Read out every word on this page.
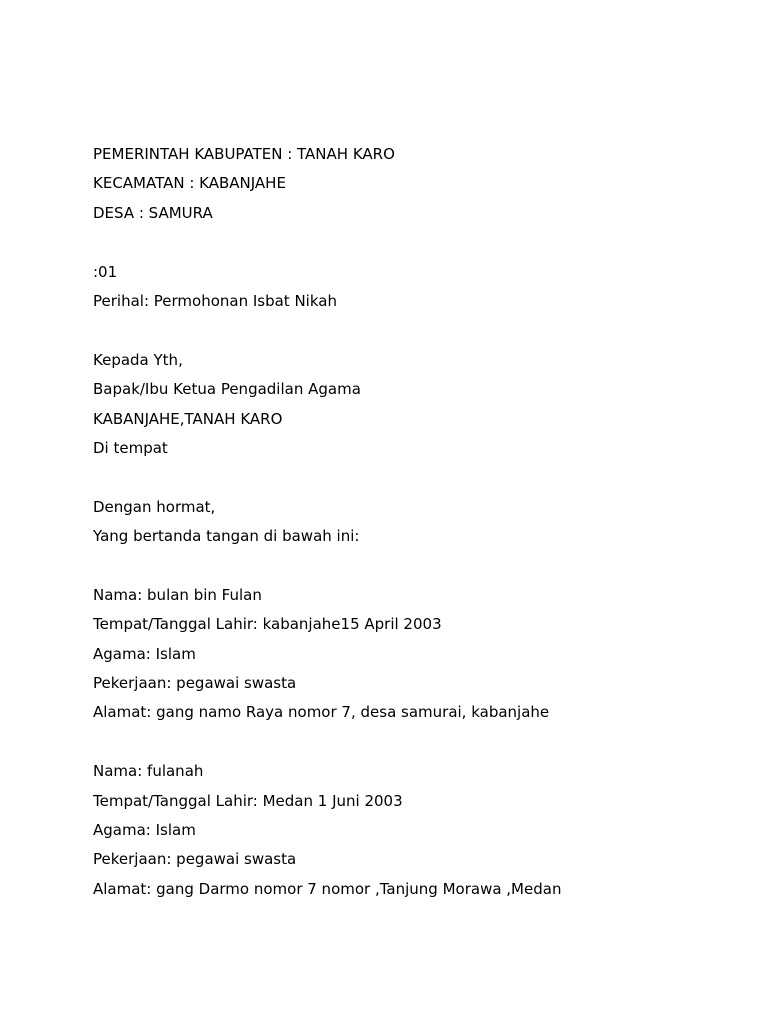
PEMERINTAH KABUPATEN : TANAH KARO
KECAMATAN : KABANJAHE
DESA : SAMURA
:01
Perihal: Permohonan Isbat Nikah
Kepada Yth,
Bapak/Ibu Ketua Pengadilan Agama
KABANJAHE,TANAH KARO
Di tempat
Dengan hormat,
Yang bertanda tangan di bawah ini:
Nama: bulan bin Fulan
Tempat/Tanggal Lahir: kabanjahe15 April 2003
Agama: Islam
Pekerjaan: pegawai swasta
Alamat: gang namo Raya nomor 7, desa samurai, kabanjahe
Nama: fulanah
Tempat/Tanggal Lahir: Medan 1 Juni 2003
Agama: Islam
Pekerjaan: pegawai swasta
Alamat: gang Darmo nomor 7 nomor ,Tanjung Morawa ,Medan
